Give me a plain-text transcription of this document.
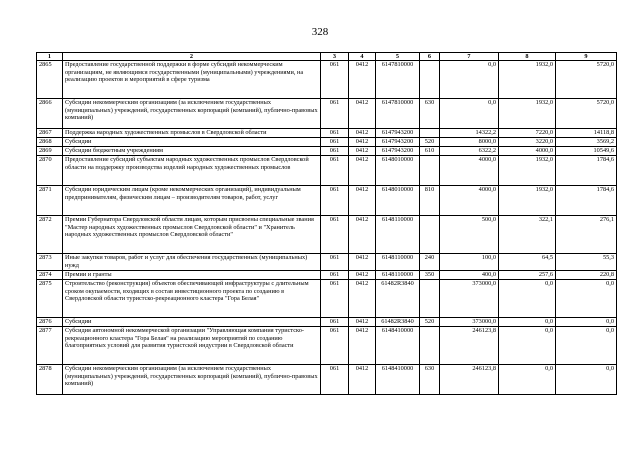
328
1	2	3	4	5	6	7	8	9
2865	Предоставление государственной поддержки в форме субсидий некоммерческим организациям, не являющимся государственными (муниципальными) учреждениями, на реализацию проектов и мероприятий в сфере туризма	061	0412	6147810000		0,0	1932,0	5720,0
2866	Субсидии некоммерческим организациям (за исключением государственных (муниципальных) учреждений, государственных корпораций (компаний), публично-правовых компаний)	061	0412	6147810000	630	0,0	1932,0	5720,0
2867	Поддержка народных художественных промыслов в Свердловской области	061	0412	6147943200		14322,2	7220,0	14118,8
2868	Субсидии	061	0412	6147943200	520	8000,0	3220,0	3569,2
2869	Субсидии бюджетным учреждениям	061	0412	6147943200	610	6322,2	4000,0	10549,6
2870	Предоставление субсидий субъектам народных художественных промыслов Свердловской области на поддержку производства изделий народных художественных промыслов	061	0412	6148010000		4000,0	1932,0	1784,6
2871	Субсидии юридическим лицам (кроме некоммерческих организаций), индивидуальным предпринимателям, физическим лицам – производителям товаров, работ, услуг	061	0412	6148010000	810	4000,0	1932,0	1784,6
2872	Премии Губернатора Свердловской области лицам, которым присвоены специальные звания "Мастер народных художественных промыслов Свердловской области" и "Хранитель народных художественных промыслов Свердловской области"	061	0412	6148110000		500,0	322,1	276,1
2873	Иные закупки товаров, работ и услуг для обеспечения государственных (муниципальных) нужд	061	0412	6148110000	240	100,0	64,5	55,3
2874	Премии и гранты	061	0412	6148110000	350	400,0	257,6	220,8
2875	Строительство (реконструкция) объектов обеспечивающей инфраструктуры с длительным сроком окупаемости, входящих в состав инвестиционного проекта по созданию в Свердловской области туристско-рекреационного кластера "Гора Белая"	061	0412	61482R3840		373000,0	0,0	0,0
2876	Субсидии	061	0412	61482R3840	520	373000,0	0,0	0,0
2877	Субсидия автономной некоммерческой организации "Управляющая компания туристско-рекреационного кластера "Гора Белая" на реализацию мероприятий по созданию благоприятных условий для развития туристской индустрии в Свердловской области	061	0412	6148410000		246123,8	0,0	0,0
2878	Субсидии некоммерческим организациям (за исключением государственных (муниципальных) учреждений, государственных корпораций (компаний), публично-правовых компаний)	061	0412	6148410000	630	246123,8	0,0	0,0
